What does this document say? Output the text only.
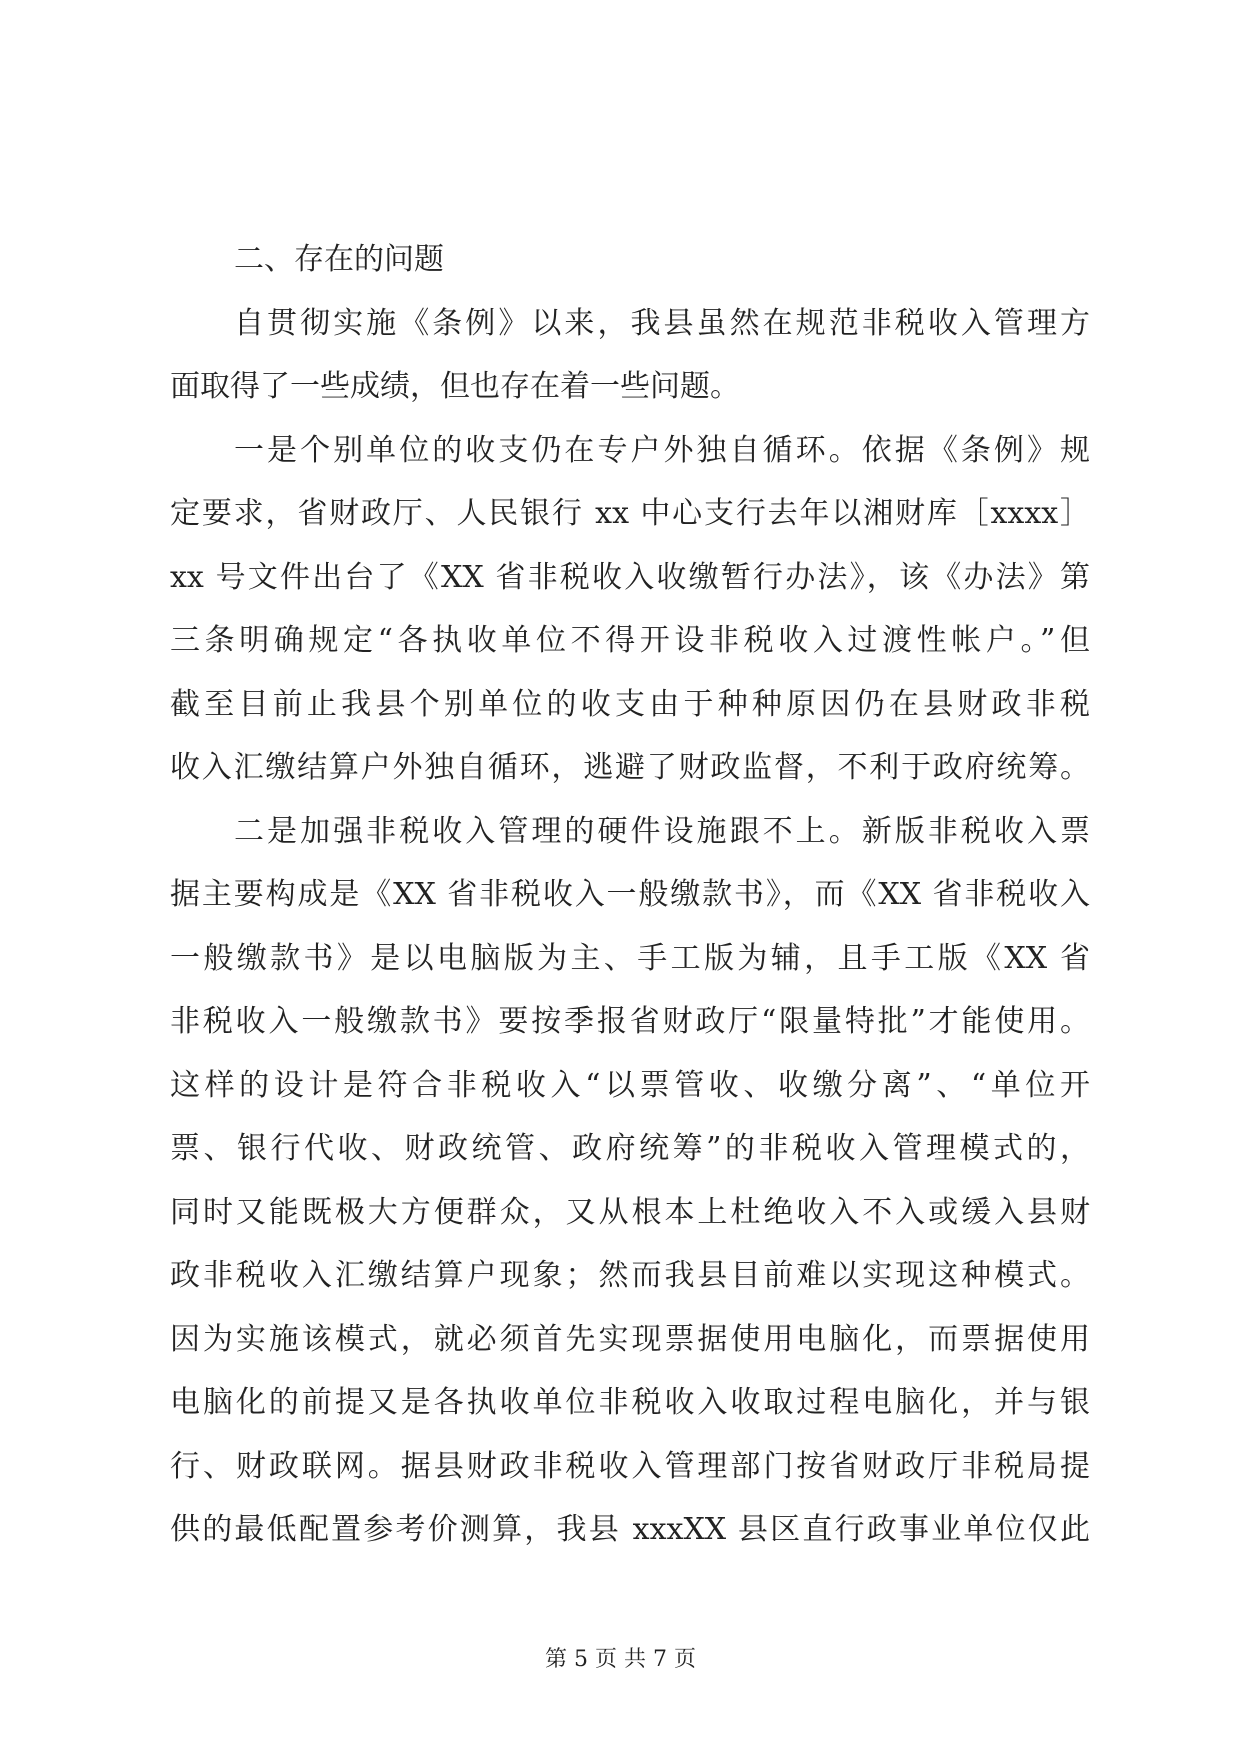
二、存在的问题
自贯彻实施《条例》以来，我县虽然在规范非税收入管理方
面取得了一些成绩，但也存在着一些问题。
一是个别单位的收支仍在专户外独自循环。依据《条例》规
定要求，省财政厅、人民银行 xx 中心支行去年以湘财库［xxxx］
xx 号文件出台了《XX 省非税收入收缴暂行办法》，该《办法》第
三条明确规定“各执收单位不得开设非税收入过渡性帐户。”但
截至目前止我县个别单位的收支由于种种原因仍在县财政非税
收入汇缴结算户外独自循环，逃避了财政监督，不利于政府统筹。
二是加强非税收入管理的硬件设施跟不上。新版非税收入票
据主要构成是《XX 省非税收入一般缴款书》，而《XX 省非税收入
一般缴款书》是以电脑版为主、手工版为辅，且手工版《XX 省
非税收入一般缴款书》要按季报省财政厅“限量特批”才能使用。
这样的设计是符合非税收入“以票管收、收缴分离”、“单位开
票、银行代收、财政统管、政府统筹”的非税收入管理模式的，
同时又能既极大方便群众，又从根本上杜绝收入不入或缓入县财
政非税收入汇缴结算户现象；然而我县目前难以实现这种模式。
因为实施该模式，就必须首先实现票据使用电脑化，而票据使用
电脑化的前提又是各执收单位非税收入收取过程电脑化，并与银
行、财政联网。据县财政非税收入管理部门按省财政厅非税局提
供的最低配置参考价测算，我县 xxxXX 县区直行政事业单位仅此
第 5 页 共 7 页
